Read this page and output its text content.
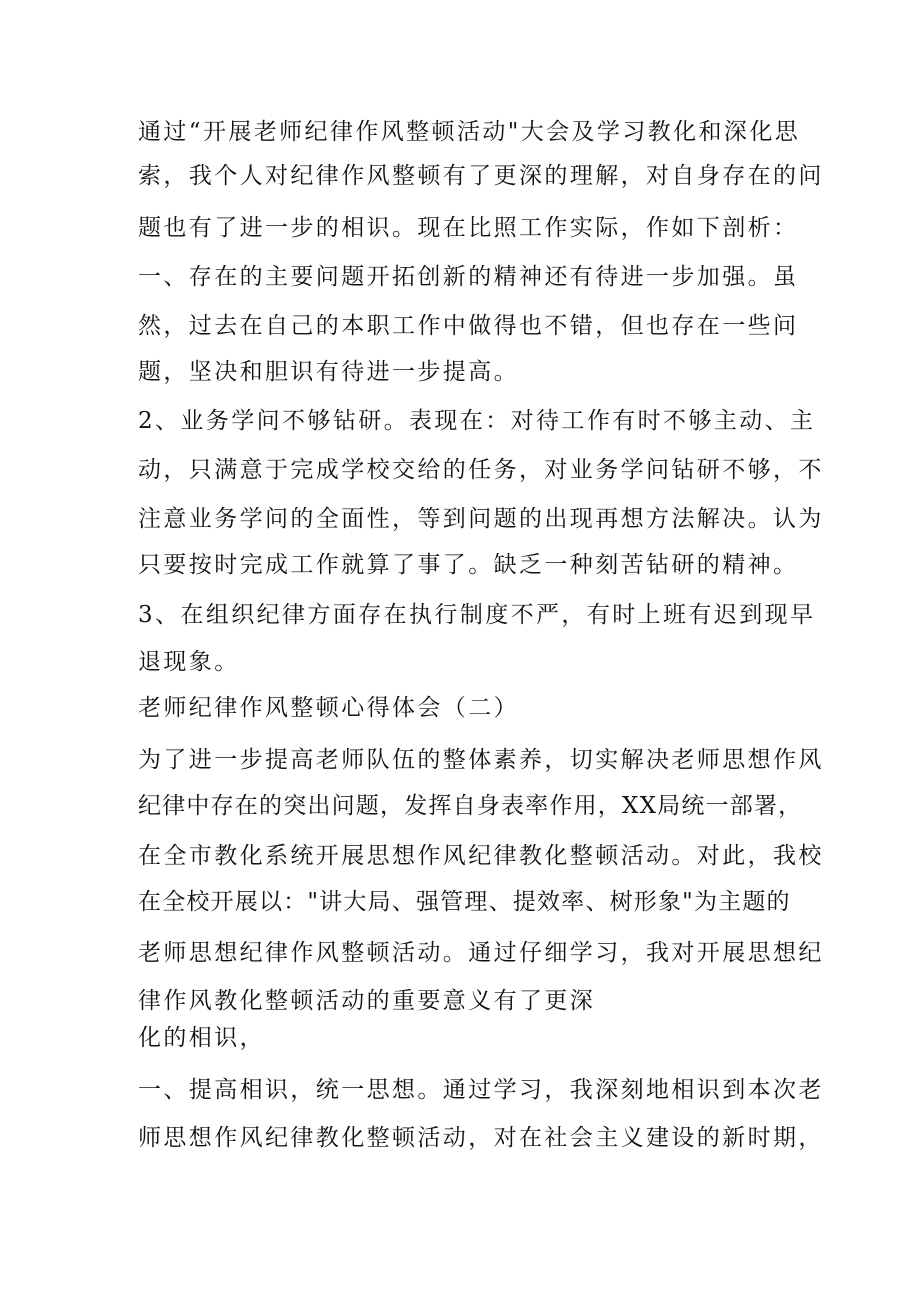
通过“开展老师纪律作风整顿活动"大会及学习教化和深化思
索，我个人对纪律作风整顿有了更深的理解，对自身存在的问
题也有了进一步的相识。现在比照工作实际，作如下剖析：
一、存在的主要问题开拓创新的精神还有待进一步加强。虽
然，过去在自己的本职工作中做得也不错，但也存在一些问
题，坚决和胆识有待进一步提高。
2、业务学问不够钻研。表现在：对待工作有时不够主动、主
动，只满意于完成学校交给的任务，对业务学问钻研不够，不
注意业务学问的全面性，等到问题的出现再想方法解决。认为
只要按时完成工作就算了事了。缺乏一种刻苦钻研的精神。
3、在组织纪律方面存在执行制度不严，有时上班有迟到现早
退现象。
老师纪律作风整顿心得体会（二）
为了进一步提高老师队伍的整体素养，切实解决老师思想作风
纪律中存在的突出问题，发挥自身表率作用，XX局统一部署，
在全市教化系统开展思想作风纪律教化整顿活动。对此，我校
在全校开展以："讲大局、强管理、提效率、树形象"为主题的
老师思想纪律作风整顿活动。通过仔细学习，我对开展思想纪
律作风教化整顿活动的重要意义有了更深
化的相识，
一、提高相识，统一思想。通过学习，我深刻地相识到本次老
师思想作风纪律教化整顿活动，对在社会主义建设的新时期，
